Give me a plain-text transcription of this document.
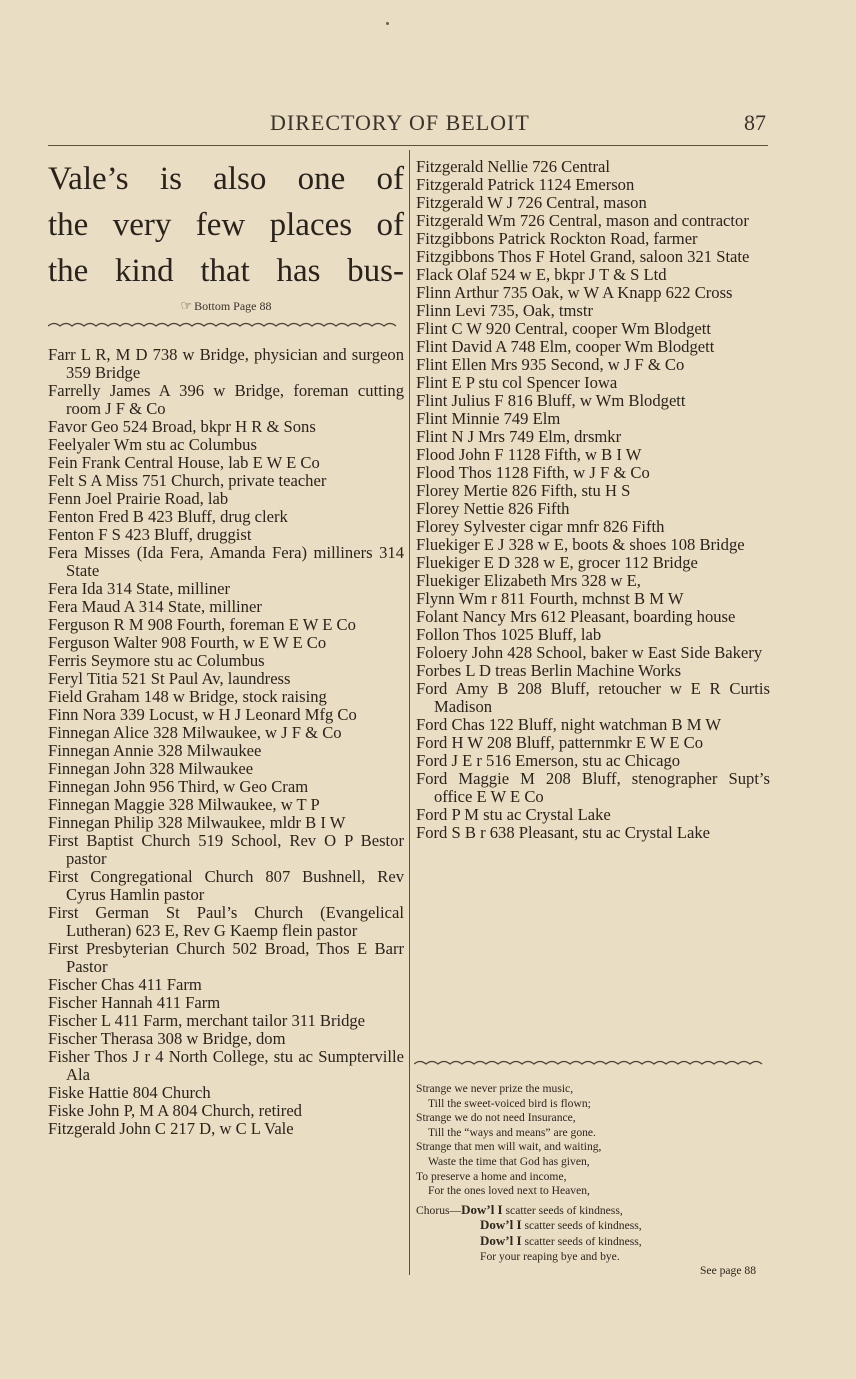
DIRECTORY OF BELOIT	87
Vale’s is also one of
the very few places of
the kind that has bus-
☞ Bottom Page 88

Farr L R, M D 738 w Bridge, physician and surgeon 359 Bridge

Farrelly James A 396 w Bridge, foreman cutting room J F & Co

Favor Geo 524 Broad, bkpr H R & Sons

Feelyaler Wm stu ac Columbus

Fein Frank Central House, lab E W E Co

Felt S A Miss 751 Church, private teacher

Fenn Joel Prairie Road, lab

Fenton Fred B 423 Bluff, drug clerk

Fenton F S 423 Bluff, druggist

Fera Misses (Ida Fera, Amanda Fera) milliners 314 State

Fera Ida 314 State, milliner

Fera Maud A 314 State, milliner

Ferguson R M 908 Fourth, foreman E W E Co

Ferguson Walter 908 Fourth, w E W E Co

Ferris Seymore stu ac Columbus

Feryl Titia 521 St Paul Av, laundress

Field Graham 148 w Bridge, stock raising

Finn Nora 339 Locust, w H J Leonard Mfg Co

Finnegan Alice 328 Milwaukee, w J F & Co

Finnegan Annie 328 Milwaukee

Finnegan John 328 Milwaukee

Finnegan John 956 Third, w Geo Cram

Finnegan Maggie 328 Milwaukee, w T P

Finnegan Philip 328 Milwaukee, mldr B I W

First Baptist Church 519 School, Rev O P Bestor pastor

First Congregational Church 807 Bushnell, Rev Cyrus Hamlin pastor

First German St Paul’s Church (Evangelical Lutheran) 623 E, Rev G Kaemp flein pastor

First Presbyterian Church 502 Broad, Thos E Barr Pastor

Fischer Chas 411 Farm

Fischer Hannah 411 Farm

Fischer L 411 Farm, merchant tailor 311 Bridge

Fischer Therasa 308 w Bridge, dom

Fisher Thos J r 4 North College, stu ac Sumpterville Ala

Fiske Hattie 804 Church

Fiske John P, M A 804 Church, retired

Fitzgerald John C 217 D, w C L Vale

Fitzgerald Nellie 726 Central

Fitzgerald Patrick 1124 Emerson

Fitzgerald W J 726 Central, mason

Fitzgerald Wm 726 Central, mason and contractor

Fitzgibbons Patrick Rockton Road, farmer

Fitzgibbons Thos F Hotel Grand, saloon 321 State

Flack Olaf 524 w E, bkpr J T & S Ltd

Flinn Arthur 735 Oak, w W A Knapp 622 Cross

Flinn Levi 735, Oak, tmstr

Flint C W 920 Central, cooper Wm Blodgett

Flint David A 748 Elm, cooper Wm Blodgett

Flint Ellen Mrs 935 Second, w J F & Co

Flint E P stu col Spencer Iowa

Flint Julius F 816 Bluff, w Wm Blodgett

Flint Minnie 749 Elm

Flint N J Mrs 749 Elm, drsmkr

Flood John F 1128 Fifth, w B I W

Flood Thos 1128 Fifth, w J F & Co

Florey Mertie 826 Fifth, stu H S

Florey Nettie 826 Fifth

Florey Sylvester cigar mnfr 826 Fifth

Fluekiger E J 328 w E, boots & shoes 108 Bridge

Fluekiger E D 328 w E, grocer 112 Bridge

Fluekiger Elizabeth Mrs 328 w E,

Flynn Wm r 811 Fourth, mchnst B M W

Folant Nancy Mrs 612 Pleasant, boarding house

Follon Thos 1025 Bluff, lab

Foloery John 428 School, baker w East Side Bakery

Forbes L D treas Berlin Machine Works

Ford Amy B 208 Bluff, retoucher w E R Curtis Madison

Ford Chas 122 Bluff, night watchman B M W

Ford H W 208 Bluff, patternmkr E W E Co

Ford J E r 516 Emerson, stu ac Chicago

Ford Maggie M 208 Bluff, stenographer Supt’s office E W E Co

Ford P M stu ac Crystal Lake

Ford S B r 638 Pleasant, stu ac Crystal Lake

Strange we never prize the music,
Till the sweet-voiced bird is flown;
Strange we do not need Insurance,
Till the “ways and means” are gone.
Strange that men will wait, and waiting,
Waste the time that God has given,
To preserve a home and income,
For the ones loved next to Heaven,
Chorus—Dow’l I scatter seeds of kindness,
Dow’l I scatter seeds of kindness,
Dow’l I scatter seeds of kindness,
For your reaping bye and bye.
See page 88
